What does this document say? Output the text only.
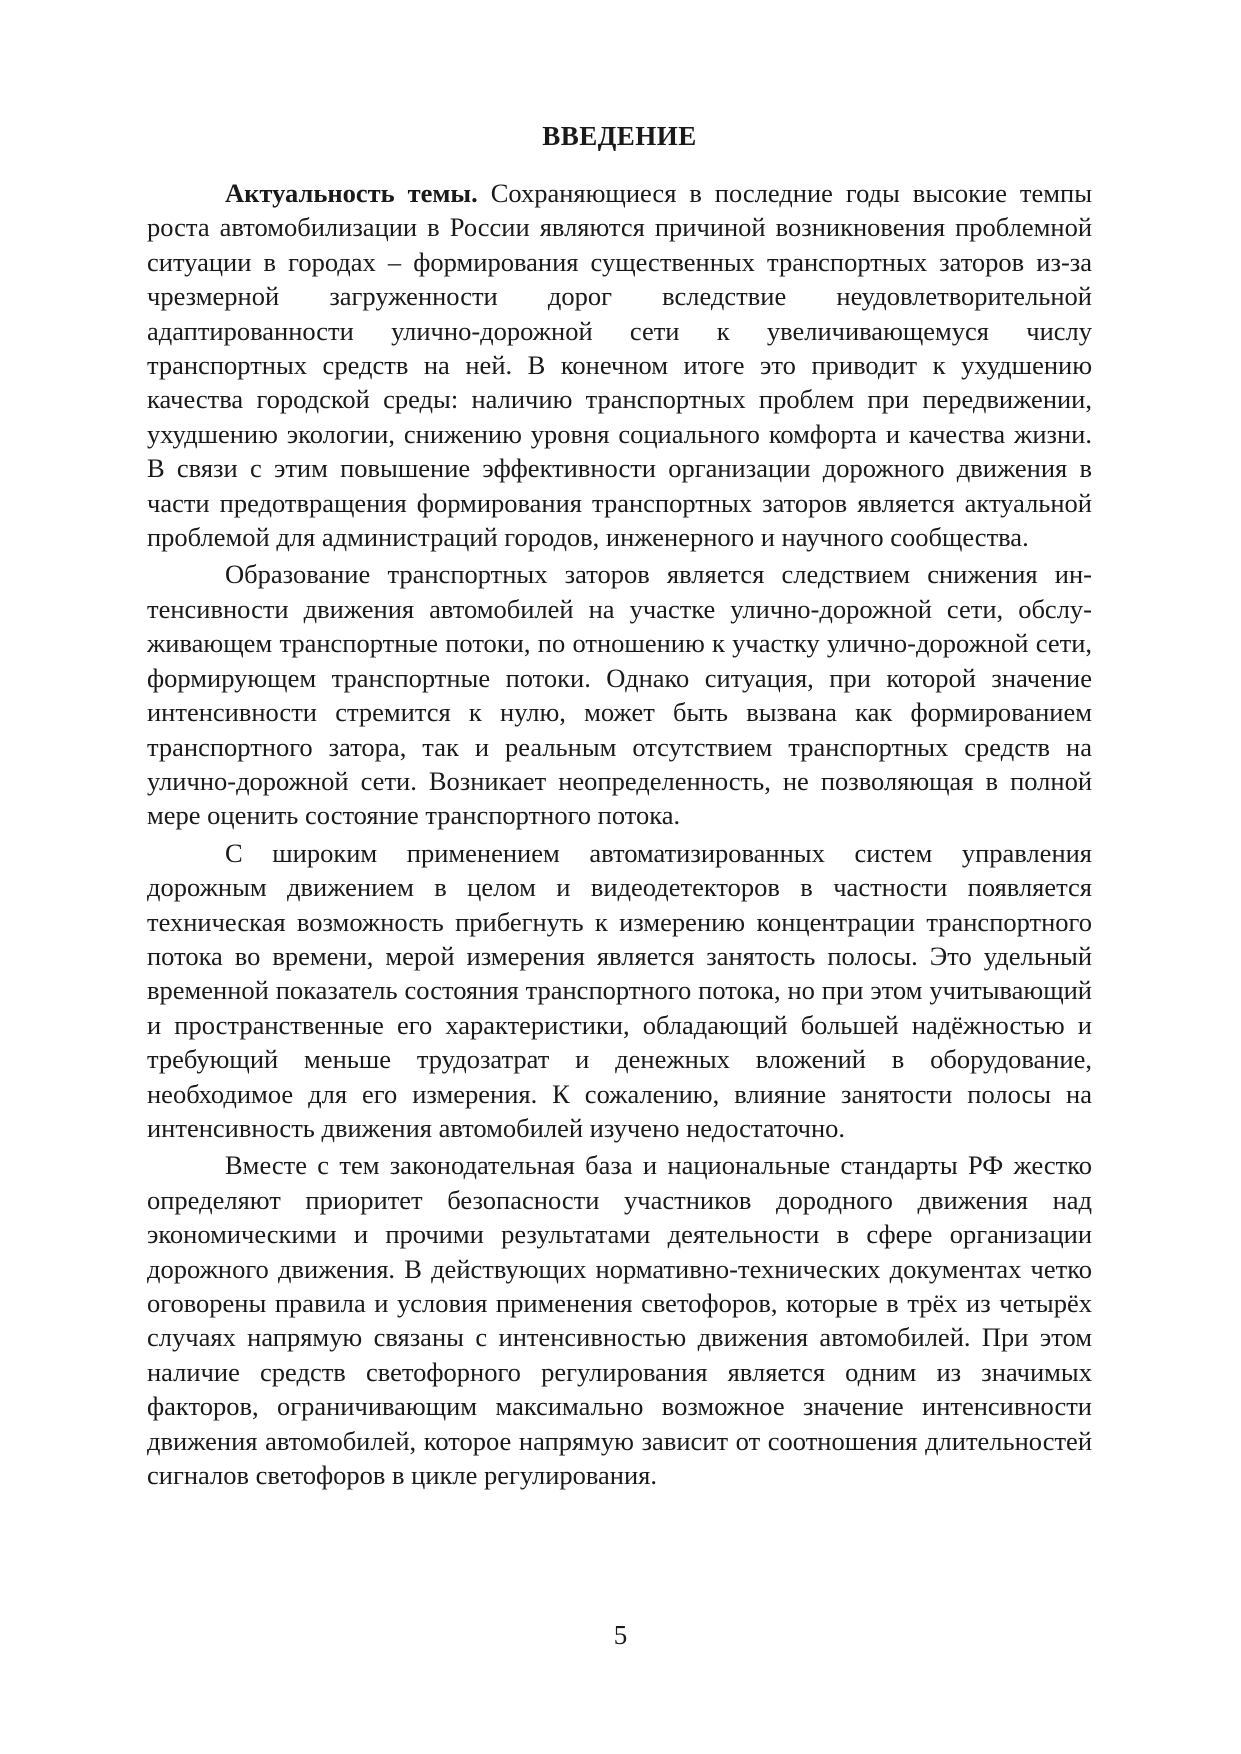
ВВЕДЕНИЕ

Актуальность темы. Сохраняющиеся в последние годы высокие темпы роста автомобилизации в России являются причиной возникновения проблемной ситуации в городах – формирования существенных транспортных заторов из-за чрезмерной загруженности дорог вследствие неудовлетворительной адаптированности улично-дорожной сети к увеличивающемуся числу транспортных средств на ней. В конечном итоге это приводит к ухудшению качества городской среды: наличию транспортных проблем при передвижении, ухудшению экологии, снижению уровня социального комфорта и качества жизни. В связи с этим повышение эффективности организации дорожного движения в части предотвращения формирования транспортных заторов является актуальной проблемой для администраций городов, инженерного и научного сообщества.

Образование транспортных заторов является следствием снижения интенсивности движения автомобилей на участке улично-дорожной сети, обслуживающем транспортные потоки, по отношению к участку улично-дорожной сети, формирующем транспортные потоки. Однако ситуация, при которой значение интенсивности стремится к нулю, может быть вызвана как формированием транспортного затора, так и реальным отсутствием транспортных средств на улично-дорожной сети. Возникает неопределенность, не позволяющая в полной мере оценить состояние транспортного потока.

С широким применением автоматизированных систем управления дорожным движением в целом и видеодетекторов в частности появляется техническая возможность прибегнуть к измерению концентрации транспортного потока во времени, мерой измерения является занятость полосы. Это удельный временной показатель состояния транспортного потока, но при этом учитывающий и пространственные его характеристики, обладающий большей надёжностью и требующий меньше трудозатрат и денежных вложений в оборудование, необходимое для его измерения. К сожалению, влияние занятости полосы на интенсивность движения автомобилей изучено недостаточно.

Вместе с тем законодательная база и национальные стандарты РФ жестко определяют приоритет безопасности участников дородного движения над экономическими и прочими результатами деятельности в сфере организации дорожного движения. В действующих нормативно-технических документах четко оговорены правила и условия применения светофоров, которые в трёх из четырёх случаях напрямую связаны с интенсивностью движения автомобилей. При этом наличие средств светофорного регулирования является одним из значимых факторов, ограничивающим максимально возможное значение интенсивности движения автомобилей, которое напрямую зависит от соотношения длительностей сигналов светофоров в цикле регулирования.

5
